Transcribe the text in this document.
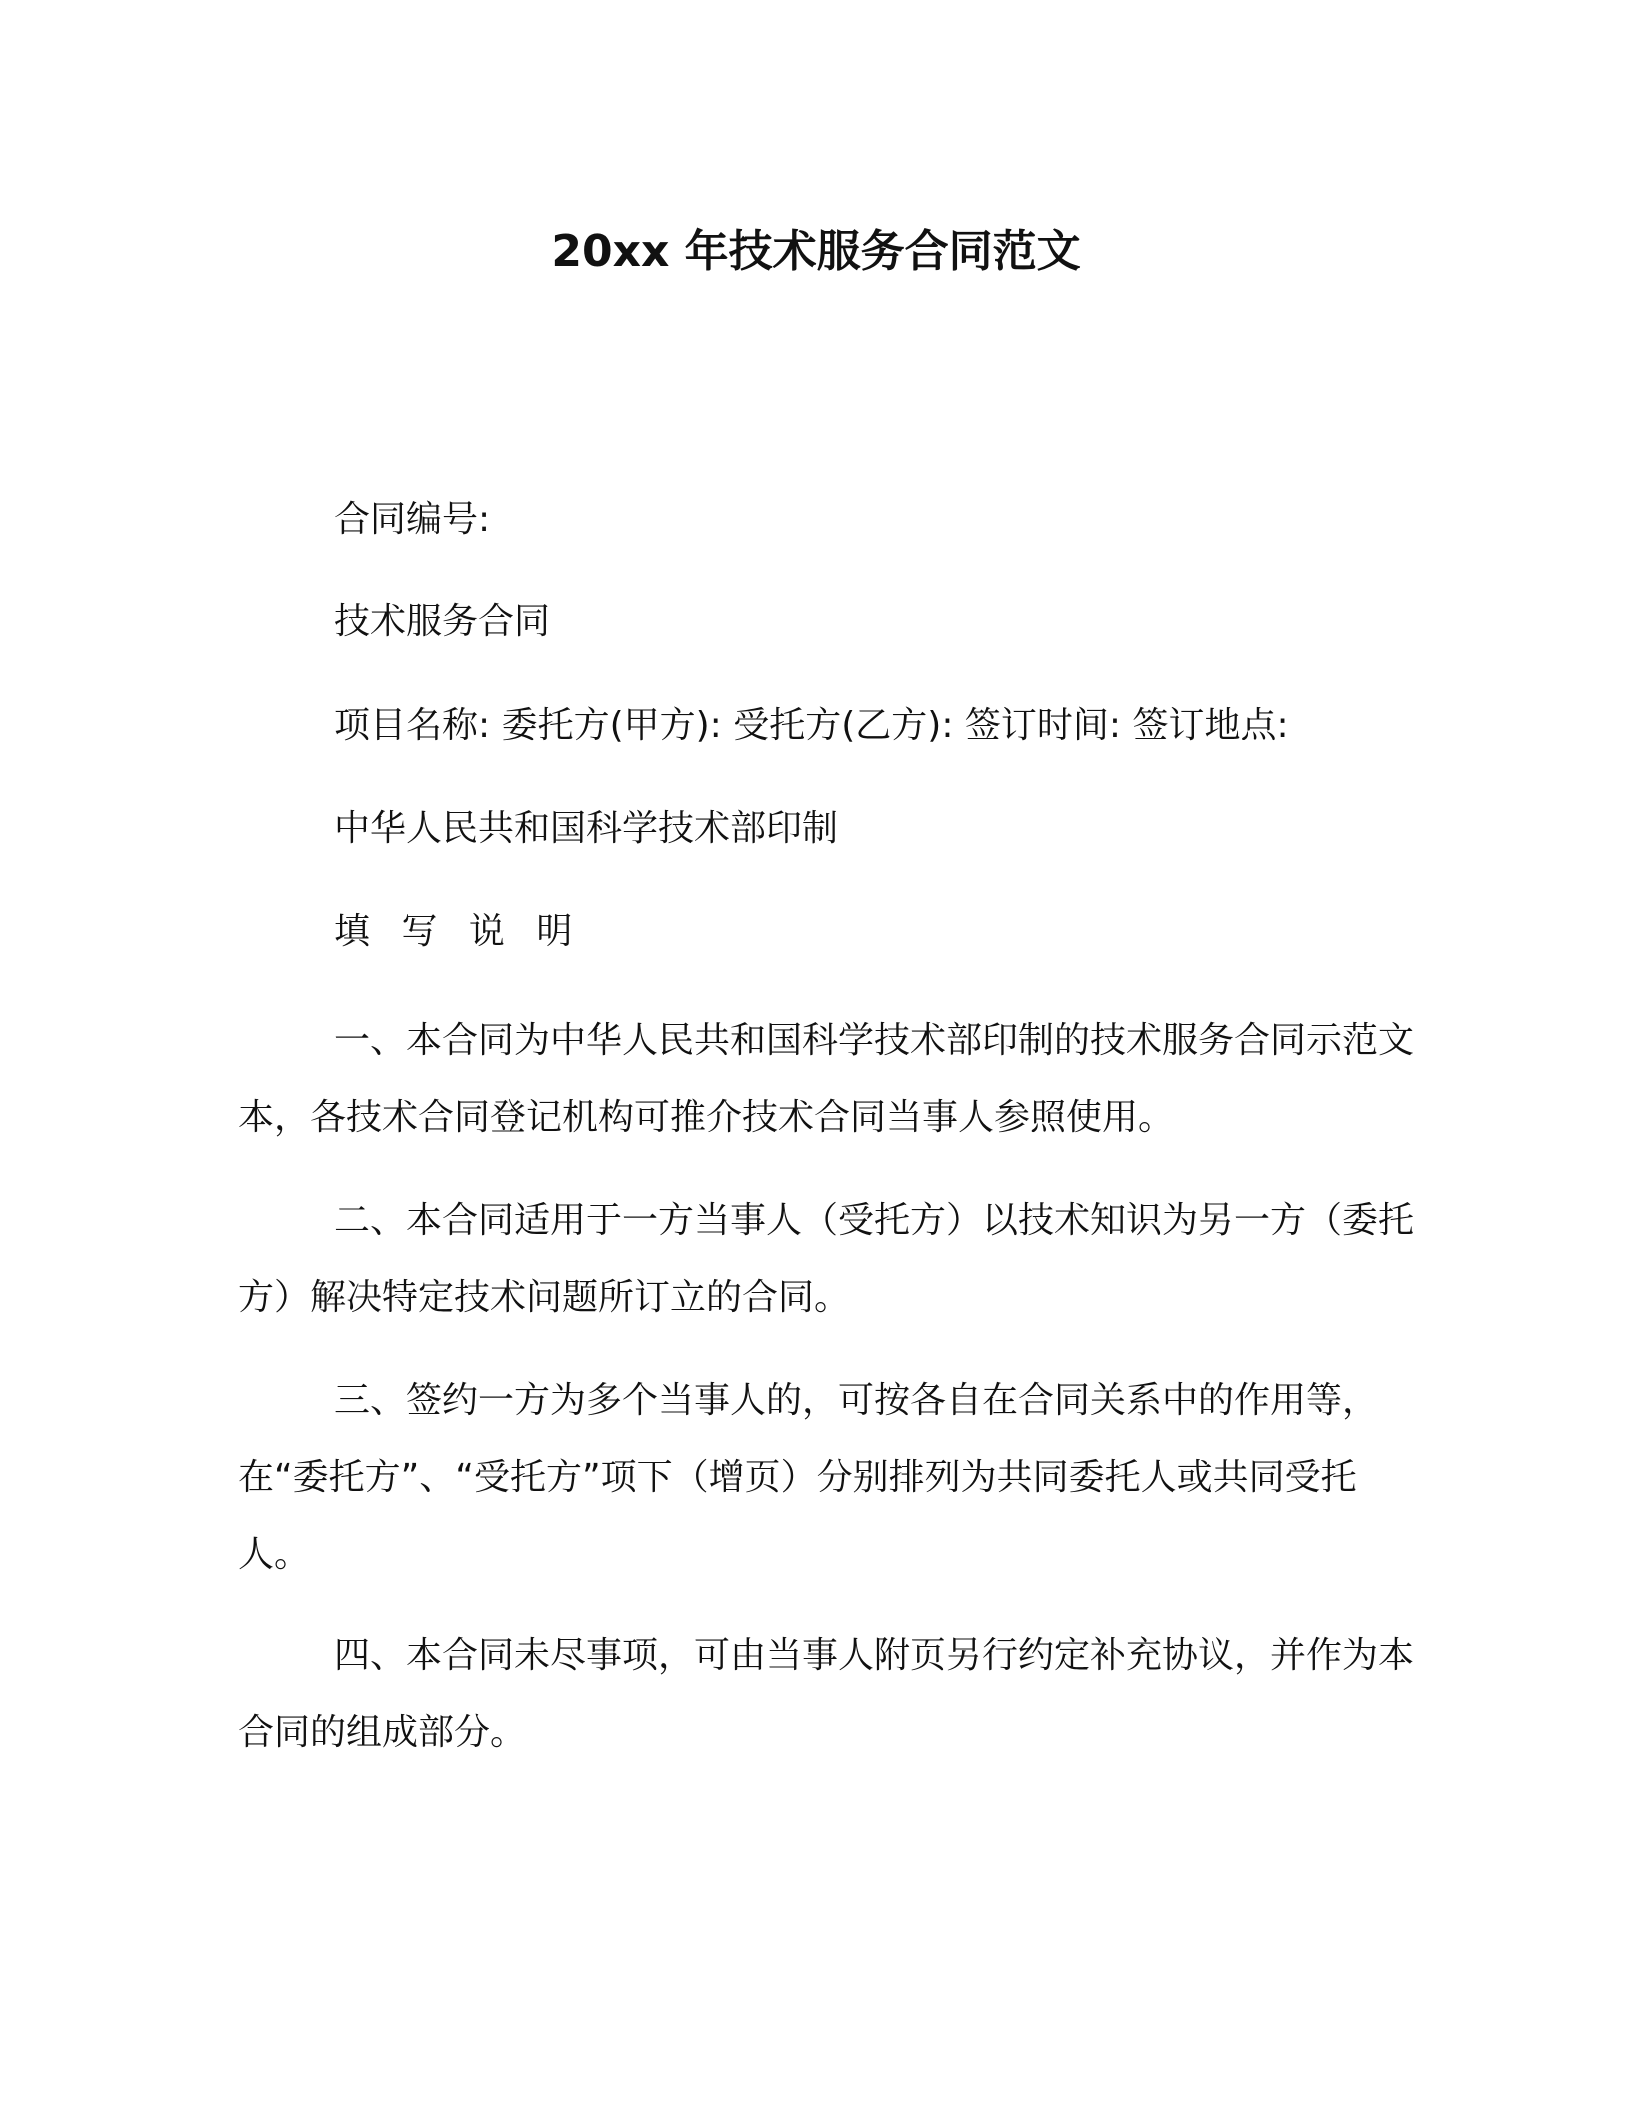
20xx 年技术服务合同范文

合同编号:

技术服务合同

项目名称: 委托方(甲方): 受托方(乙方): 签订时间: 签订地点:

中华人民共和国科学技术部印制

填 写 说 明

一、本合同为中华人民共和国科学技术部印制的技术服务合同示范文本，各技术合同登记机构可推介技术合同当事人参照使用。

二、本合同适用于一方当事人（受托方）以技术知识为另一方（委托方）解决特定技术问题所订立的合同。

三、签约一方为多个当事人的，可按各自在合同关系中的作用等，在“委托方”、“受托方”项下（增页）分别排列为共同委托人或共同受托人。

四、本合同未尽事项，可由当事人附页另行约定补充协议，并作为本合同的组成部分。
